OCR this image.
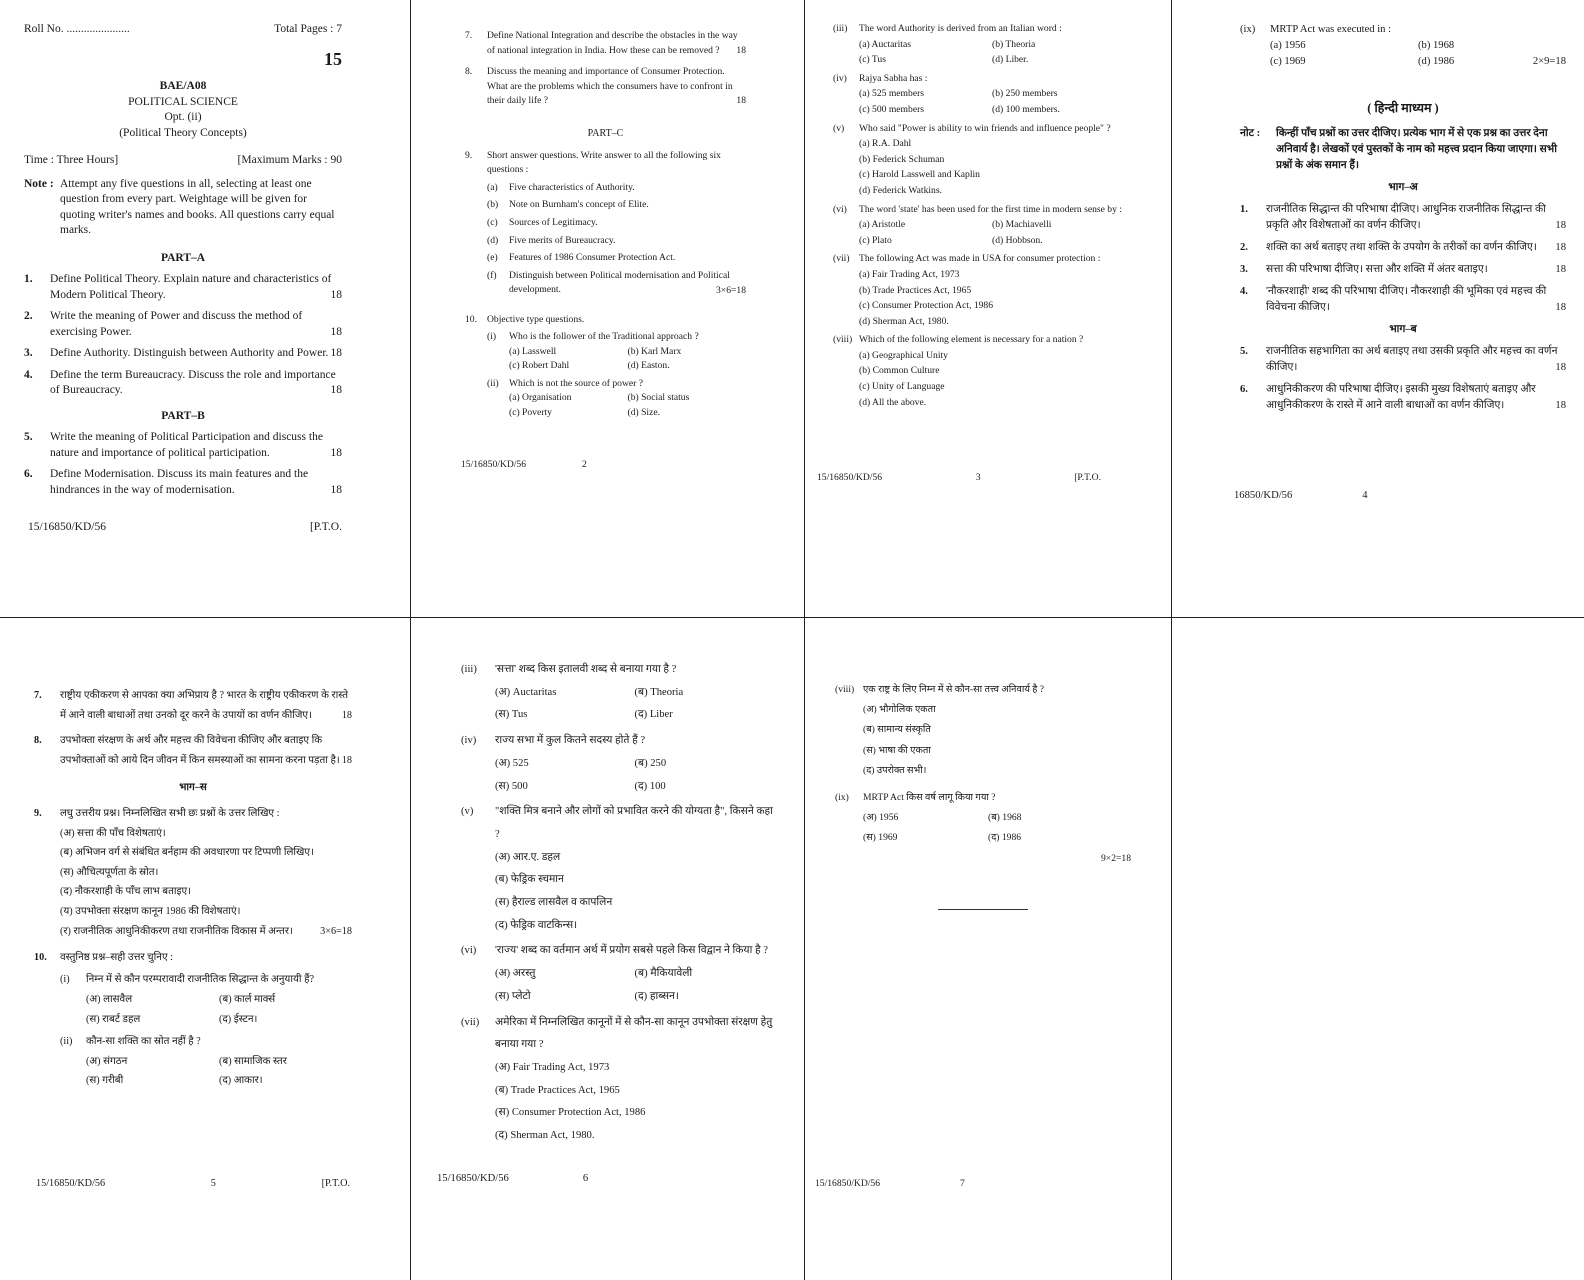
Roll No. ......................	Total Pages : 7
15
BAE/A08
POLITICAL SCIENCE
Opt. (ii)
(Political Theory Concepts)
Time : Three Hours]	[Maximum Marks : 90
Note : Attempt any five questions in all, selecting at least one question from every part. Weightage will be given for quoting writer's names and books. All questions carry equal marks.
PART–A
1.	Define Political Theory. Explain nature and characteristics of Modern Political Theory.	18
2.	Write the meaning of Power and discuss the method of exercising Power.	18
3.	Define Authority. Distinguish between Authority and Power. 18
4.	Define the term Bureaucracy. Discuss the role and importance of Bureaucracy.	18
PART–B
5.	Write the meaning of Political Participation and discuss the nature and importance of political participation.	18
6.	Define Modernisation. Discuss its main features and the hindrances in the way of modernisation.	18
15/16850/KD/56	[P.T.O.
7.	Define National Integration and describe the obstacles in the way of national integration in India. How these can be removed ? 18
8.	Discuss the meaning and importance of Consumer Protection. What are the problems which the consumers have to confront in their daily life ?	18
PART–C
9.	Short answer questions. Write answer to all the following six questions :
(a)	Five characteristics of Authority.
(b)	Note on Burnham's concept of Elite.
(c)	Sources of Legitimacy.
(d)	Five merits of Bureaucracy.
(e)	Features of 1986 Consumer Protection Act.
(f)	Distinguish between Political modernisation and Political development.	3×6=18
10.	Objective type questions.
(i)	Who is the follower of the Traditional approach ?
(a) Lasswell	(b) Karl Marx
(c) Robert Dahl	(d) Easton.
(ii)	Which is not the source of power ?
(a) Organisation	(b) Social status
(c) Poverty	(d) Size.
15/16850/KD/56	2
(iii)	The word Authority is derived from an Italian word :
(a) Auctaritas	(b) Theoria
(c) Tus	(d) Liber.
(iv)	Rajya Sabha has :
(a) 525 members	(b) 250 members
(c) 500 members	(d) 100 members.
(v)	Who said "Power is ability to win friends and influence people" ?
(a) R.A. Dahl
(b) Federick Schuman
(c) Harold Lasswell and Kaplin
(d) Federick Watkins.
(vi)	The word 'state' has been used for the first time in modern sense by :
(a) Aristotle	(b) Machiavelli
(c) Plato	(d) Hobbson.
(vii) The following Act was made in USA for consumer protection :
(a) Fair Trading Act, 1973
(b) Trade Practices Act, 1965
(c) Consumer Protection Act, 1986
(d) Sherman Act, 1980.
(viii) Which of the following element is necessary for a nation ?
(a) Geographical Unity
(b) Common Culture
(c) Unity of Language
(d) All the above.
15/16850/KD/56	3	[P.T.O.
(ix)	MRTP Act was executed in :
(a) 1956	(b) 1968
(c) 1969	(d) 1986	2×9=18
( हिन्दी माध्यम )
नोट :	किन्हीं पाँच प्रश्नों का उत्तर दीजिए। प्रत्येक भाग में से एक प्रश्न का उत्तर देना अनिवार्य है। लेखकों एवं पुस्तकों के नाम को महत्त्व प्रदान किया जाएगा। सभी प्रश्नों के अंक समान हैं।
भाग–अ
1.	राजनीतिक सिद्धान्त की परिभाषा दीजिए। आधुनिक राजनीतिक सिद्धान्त की प्रकृति और विशेषताओं का वर्णन कीजिए।	18
2.	शक्ति का अर्थ बताइए तथा शक्ति के उपयोग के तरीकों का वर्णन कीजिए। 18
3.	सत्ता की परिभाषा दीजिए। सत्ता और शक्ति में अंतर बताइए।	18
4.	'नौकरशाही' शब्द की परिभाषा दीजिए। नौकरशाही की भूमिका एवं महत्त्व की विवेचना कीजिए।	18
भाग–ब
5.	राजनीतिक सहभागिता का अर्थ बताइए तथा उसकी प्रकृति और महत्त्व का वर्णन कीजिए।	18
6.	आधुनिकीकरण की परिभाषा दीजिए। इसकी मुख्य विशेषताएं बताइए और आधुनिकीकरण के रास्ते में आने वाली बाधाओं का वर्णन कीजिए।	18
16850/KD/56	4
7.	राष्ट्रीय एकीकरण से आपका क्या अभिप्राय है ? भारत के राष्ट्रीय एकीकरण के रास्ते में आने वाली बाधाओं तथा उनको दूर करने के उपायों का वर्णन कीजिए।	18
8.	उपभोक्ता संरक्षण के अर्थ और महत्त्व की विवेचना कीजिए और बताइए कि उपभोक्ताओं को आये दिन जीवन में किन समस्याओं का सामना करना पड़ता है। 18
भाग–स
9.	लघु उत्तरीय प्रश्न। निम्नलिखित सभी छः प्रश्नों के उत्तर लिखिए :
(अ) सत्ता की पाँच विशेषताएं।
(ब) अभिजन वर्ग से संबंधित बर्नहाम की अवधारणा पर टिप्पणी लिखिए।
(स) औचित्यपूर्णता के स्रोत।
(द) नौकरशाही के पाँच लाभ बताइए।
(य) उपभोक्ता संरक्षण कानून 1986 की विशेषताएं।
(र) राजनीतिक आधुनिकीकरण तथा राजनीतिक विकास में अन्तर।	3×6=18
10.	वस्तुनिष्ठ प्रश्न–सही उत्तर चुनिए :
(i)	निम्न में से कौन परम्परावादी राजनीतिक सिद्धान्त के अनुयायी हैं?
(अ) लासवैल	(ब) कार्ल मार्क्स
(स) राबर्ट डहल	(द) ईस्टन।
(ii)	कौन-सा शक्ति का स्रोत नहीं है ?
(अ) संगठन	(ब) सामाजिक स्तर
(स) गरीबी	(द) आकार।
15/16850/KD/56	5	[P.T.O.
(iii)	'सत्ता' शब्द किस इतालवी शब्द से बनाया गया है ?
(अ) Auctaritas	(ब) Theoria
(स) Tus	(द) Liber
(iv)	राज्य सभा में कुल कितने सदस्य होते हैं ?
(अ) 525	(ब) 250
(स) 500	(द) 100
(v)	"शक्ति मित्र बनाने और लोगों को प्रभावित करने की योग्यता है", किसने कहा ?
(अ) आर.ए. डहल
(ब) फेड्रिक स्चमान
(स) हैराल्ड लासवैल व कापलिन
(द) फेड्रिक वाटकिन्स।
(vi)	'राज्य' शब्द का वर्तमान अर्थ में प्रयोग सबसे पहले किस विद्वान ने किया है ?
(अ) अरस्तु	(ब) मैकियावेली
(स) प्लेटो	(द) हाब्सन।
(vii)	अमेरिका में निम्नलिखित कानूनों में से कौन-सा कानून उपभोक्ता संरक्षण हेतु बनाया गया ?
(अ) Fair Trading Act, 1973
(ब) Trade Practices Act, 1965
(स) Consumer Protection Act, 1986
(द) Sherman Act, 1980.
15/16850/KD/56	6
(viii) एक राष्ट्र के लिए निम्न में से कौन-सा तत्त्व अनिवार्य है ?
(अ) भौगोलिक एकता
(ब) सामान्य संस्कृति
(स) भाषा की एकता
(द) उपरोक्त सभी।
(ix)	MRTP Act किस वर्ष लागू किया गया ?
(अ) 1956	(ब) 1968
(स) 1969	(द) 1986
9×2=18
15/16850/KD/56	7
